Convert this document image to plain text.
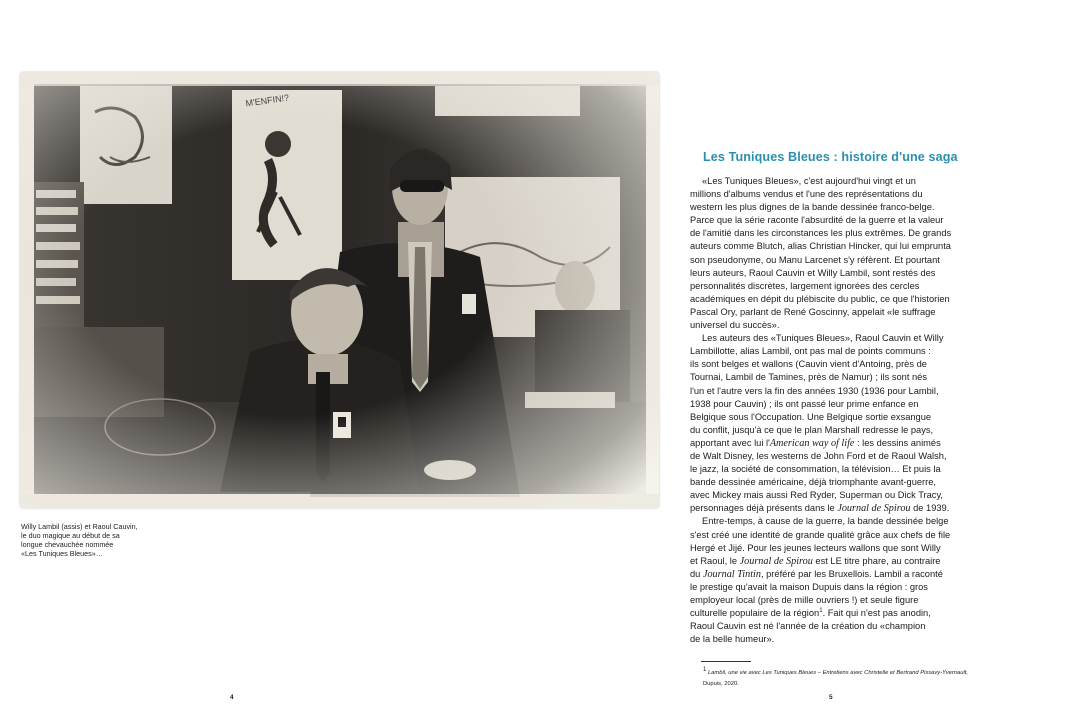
Willy Lambil (assis) et Raoul Cauvin,
le duo magique au début de sa
longue chevauchée nommée
«Les Tuniques Bleues»…
Les Tuniques Bleues : histoire d'une saga
«Les Tuniques Bleues», c'est aujourd'hui vingt et un
millions d'albums vendus et l'une des représentations du
western les plus dignes de la bande dessinée franco-belge.
Parce que la série raconte l'absurdité de la guerre et la valeur
de l'amitié dans les circonstances les plus extrêmes. De grands
auteurs comme Blutch, alias Christian Hincker, qui lui emprunta
son pseudonyme, ou Manu Larcenet s'y réfèrent. Et pourtant
leurs auteurs, Raoul Cauvin et Willy Lambil, sont restés des
personnalités discrètes, largement ignorées des cercles
académiques en dépit du plébiscite du public, ce que l'historien
Pascal Ory, parlant de René Goscinny, appelait «le suffrage
universel du succès».
Les auteurs des «Tuniques Bleues», Raoul Cauvin et Willy
Lambillotte, alias Lambil, ont pas mal de points communs :
ils sont belges et wallons (Cauvin vient d'Antoing, près de
Tournai, Lambil de Tamines, près de Namur) ; ils sont nés
l'un et l'autre vers la fin des années 1930 (1936 pour Lambil,
1938 pour Cauvin) ; ils ont passé leur prime enfance en
Belgique sous l'Occupation. Une Belgique sortie exsangue
du conflit, jusqu'à ce que le plan Marshall redresse le pays,
apportant avec lui l'American way of life : les dessins animés
de Walt Disney, les westerns de John Ford et de Raoul Walsh,
le jazz, la société de consommation, la télévision… Et puis la
bande dessinée américaine, déjà triomphante avant-guerre,
avec Mickey mais aussi Red Ryder, Superman ou Dick Tracy,
personnages déjà présents dans le Journal de Spirou de 1939.
Entre-temps, à cause de la guerre, la bande dessinée belge
s'est créé une identité de grande qualité grâce aux chefs de file
Hergé et Jijé. Pour les jeunes lecteurs wallons que sont Willy
et Raoul, le Journal de Spirou est LE titre phare, au contraire
du Journal Tintin, préféré par les Bruxellois. Lambil a raconté
le prestige qu'avait la maison Dupuis dans la région : gros
employeur local (près de mille ouvriers !) et seule figure
culturelle populaire de la région$^1$. Fait qui n'est pas anodin,
Raoul Cauvin est né l'année de la création du «champion
de la belle humeur».
$^1$ Lambil, une vie avec Les Tuniques Bleues – Entretiens avec Christelle et Bertrand Pissavy-Yvernault,
Dupuis, 2020.
4	5
